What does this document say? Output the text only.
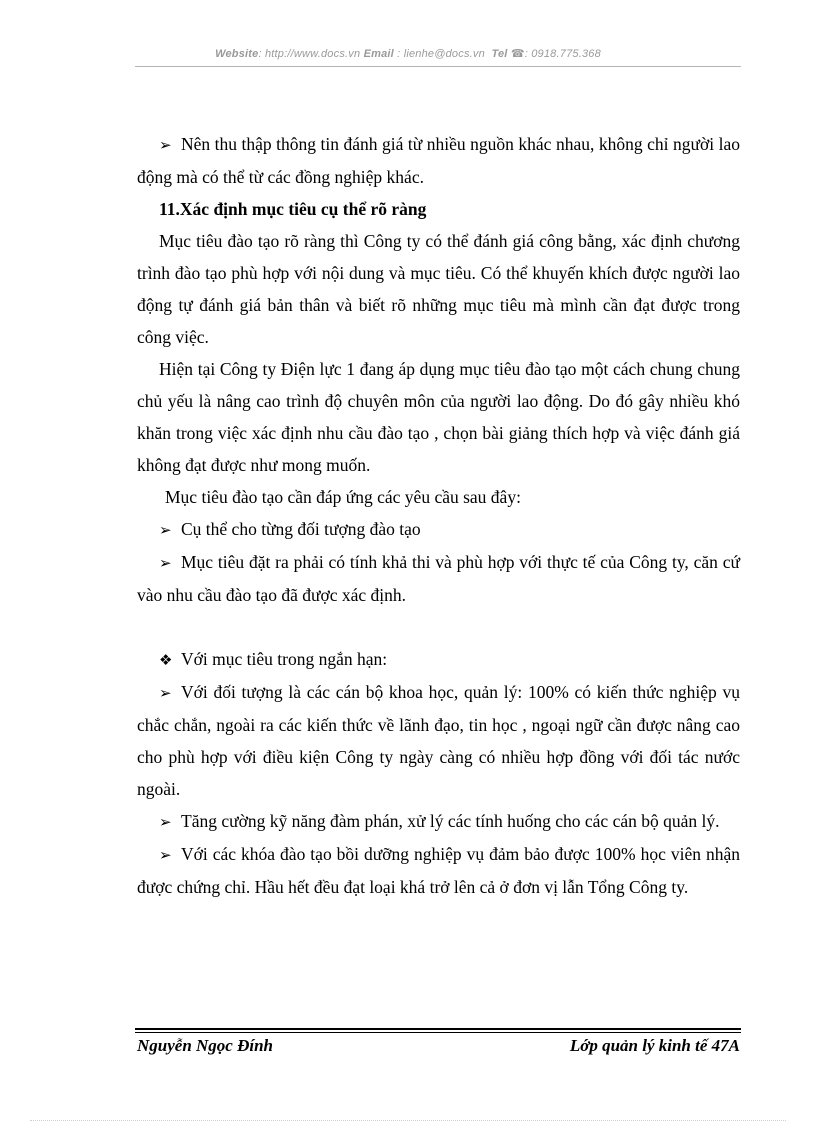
Website: http://www.docs.vn Email : lienhe@docs.vn Tel ☎: 0918.775.368

➢ Nên thu thập thông tin đánh giá từ nhiều nguồn khác nhau, không chỉ người lao động mà có thể từ các đồng nghiệp khác.

11.Xác định mục tiêu cụ thể rõ ràng

Mục tiêu đào tạo rõ ràng thì Công ty có thể đánh giá công bằng, xác định chương trình đào tạo phù hợp với nội dung và mục tiêu. Có thể khuyến khích được người lao động tự đánh giá bản thân và biết rõ những mục tiêu mà mình cần đạt được trong công việc.

Hiện tại Công ty Điện lực 1 đang áp dụng mục tiêu đào tạo một cách chung chung chủ yếu là nâng cao trình độ chuyên môn của người lao động. Do đó gây nhiều khó khăn trong việc xác định nhu cầu đào tạo , chọn bài giảng thích hợp và việc đánh giá không đạt được như mong muốn.

Mục tiêu đào tạo cần đáp ứng các yêu cầu sau đây:

➢ Cụ thể cho từng đối tượng đào tạo

➢ Mục tiêu đặt ra phải có tính khả thi và phù hợp với thực tế của Công ty, căn cứ vào nhu cầu đào tạo đã được xác định.

❖ Với mục tiêu trong ngắn hạn:

➢ Với đối tượng là các cán bộ khoa học, quản lý: 100% có kiến thức nghiệp vụ chắc chắn, ngoài ra các kiến thức về lãnh đạo, tin học , ngoại ngữ cần được nâng cao cho phù hợp với điều kiện Công ty ngày càng có nhiều hợp đồng với đối tác nước ngoài.

➢ Tăng cường kỹ năng đàm phán, xử lý các tính huống cho các cán bộ quản lý.

➢ Với các khóa đào tạo bồi dưỡng nghiệp vụ đảm bảo được 100% học viên nhận được chứng chỉ. Hầu hết đều đạt loại khá trở lên cả ở đơn vị lẫn Tổng Công ty.

Nguyễn Ngọc Đính	Lớp quản lý kinh tế 47A
